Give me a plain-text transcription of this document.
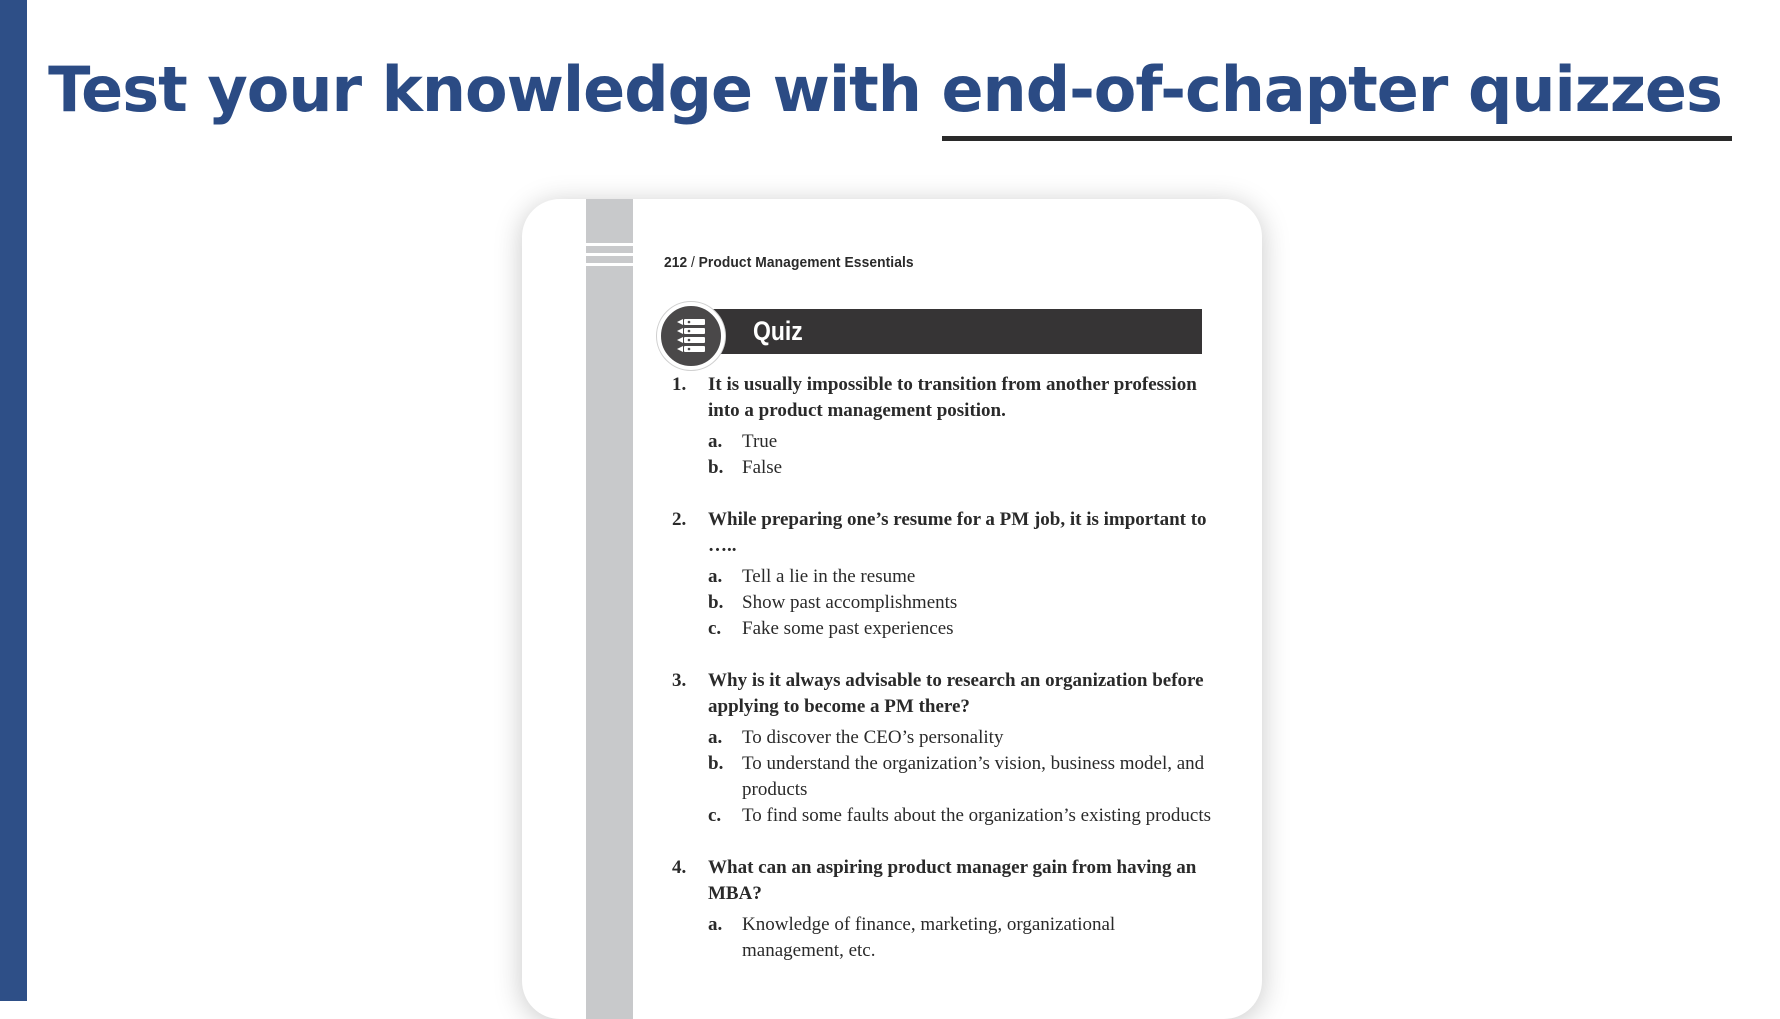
Test your knowledge with end-of-chapter quizzes
212 / Product Management Essentials
Quiz
1.	It is usually impossible to transition from another profession into a product management position.
a.	True
b. False
2.	While preparing one’s resume for a PM job, it is important to …..
a.	Tell a lie in the resume
b. Show past accomplishments
c.	Fake some past experiences
3.	Why is it always advisable to research an organization before applying to become a PM there?
a.	To discover the CEO’s personality
b. To understand the organization’s vision, business model, and products
c.	To find some faults about the organization’s existing products
4.	What can an aspiring product manager gain from having an MBA?
a.	Knowledge of finance, marketing, organizational management, etc.
